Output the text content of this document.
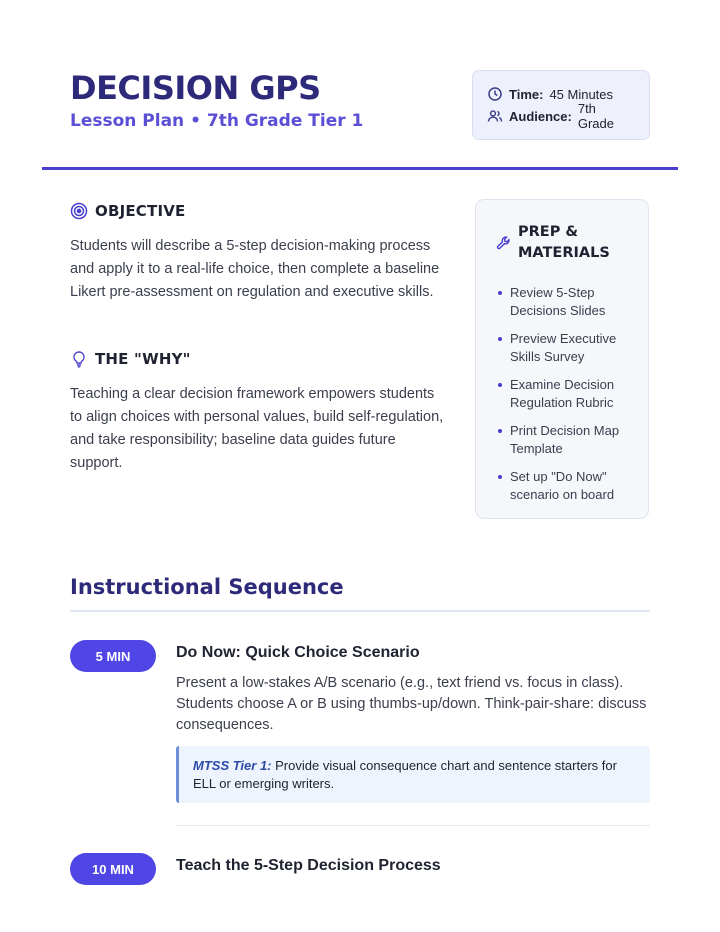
DECISION GPS
Lesson Plan • 7th Grade Tier 1
Time: 45 Minutes
Audience: 7th Grade
OBJECTIVE
Students will describe a 5-step decision-making process and apply it to a real-life choice, then complete a baseline Likert pre-assessment on regulation and executive skills.
THE "WHY"
Teaching a clear decision framework empowers students to align choices with personal values, build self-regulation, and take responsibility; baseline data guides future support.
PREP & MATERIALS
Review 5-Step Decisions Slides
Preview Executive Skills Survey
Examine Decision Regulation Rubric
Print Decision Map Template
Set up "Do Now" scenario on board
Instructional Sequence
5 MIN	Do Now: Quick Choice Scenario
Present a low-stakes A/B scenario (e.g., text friend vs. focus in class). Students choose A or B using thumbs-up/down. Think-pair-share: discuss consequences.
MTSS Tier 1: Provide visual consequence chart and sentence starters for ELL or emerging writers.
10 MIN	Teach the 5-Step Decision Process
